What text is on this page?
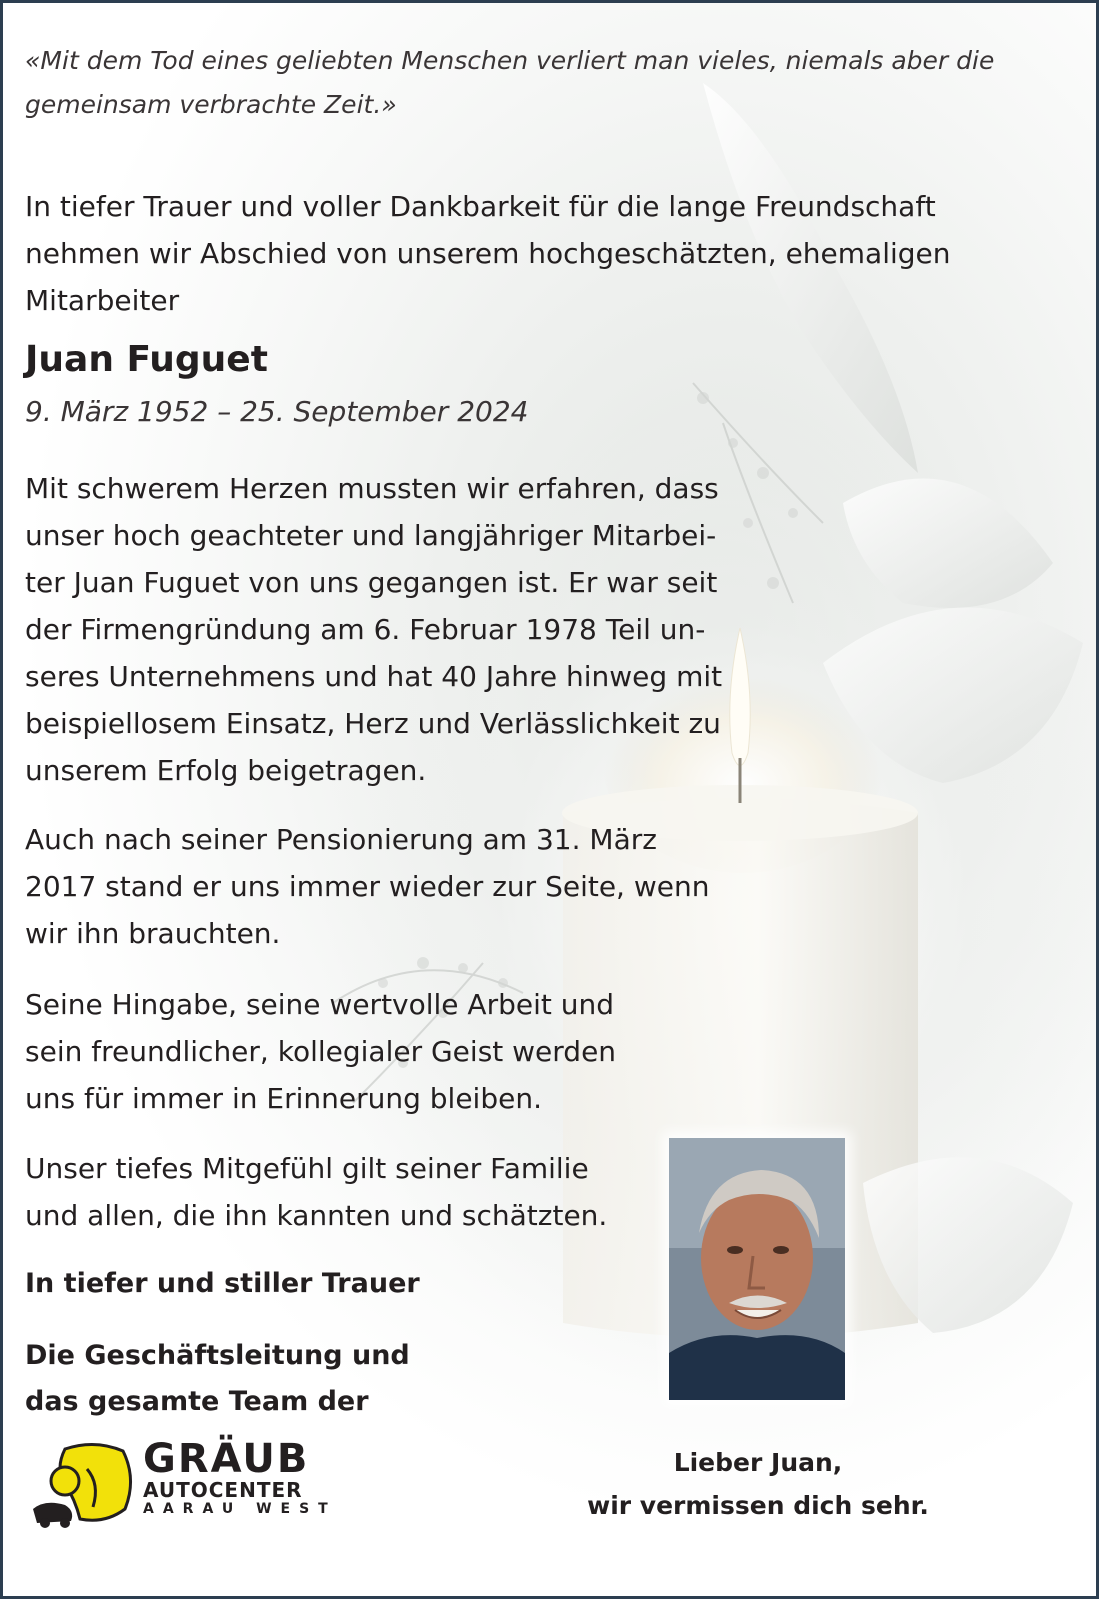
«Mit dem Tod eines geliebten Menschen verliert man vieles, niemals aber die gemeinsam verbrachte Zeit.»
In tiefer Trauer und voller Dankbarkeit für die lange Freundschaft nehmen wir Abschied von unserem hochgeschätzten, ehemaligen Mitarbeiter
Juan Fuguet
9. März 1952 – 25. September 2024
Mit schwerem Herzen mussten wir erfahren, dass unser hoch geachteter und langjähriger Mitarbei- ter Juan Fuguet von uns gegangen ist. Er war seit der Firmengründung am 6. Februar 1978 Teil un- seres Unternehmens und hat 40 Jahre hinweg mit beispiellosem Einsatz, Herz und Verlässlichkeit zu unserem Erfolg beigetragen.
Auch nach seiner Pensionierung am 31. März 2017 stand er uns immer wieder zur Seite, wenn wir ihn brauchten.
Seine Hingabe, seine wertvolle Arbeit und sein freundlicher, kollegialer Geist werden uns für immer in Erinnerung bleiben.
Unser tiefes Mitgefühl gilt seiner Familie und allen, die ihn kannten und schätzten.
In tiefer und stiller Trauer
Die Geschäftsleitung und das gesamte Team der
GRÄUB
AUTOCENTER
AARAU WEST
Lieber Juan,
wir vermissen dich sehr.
